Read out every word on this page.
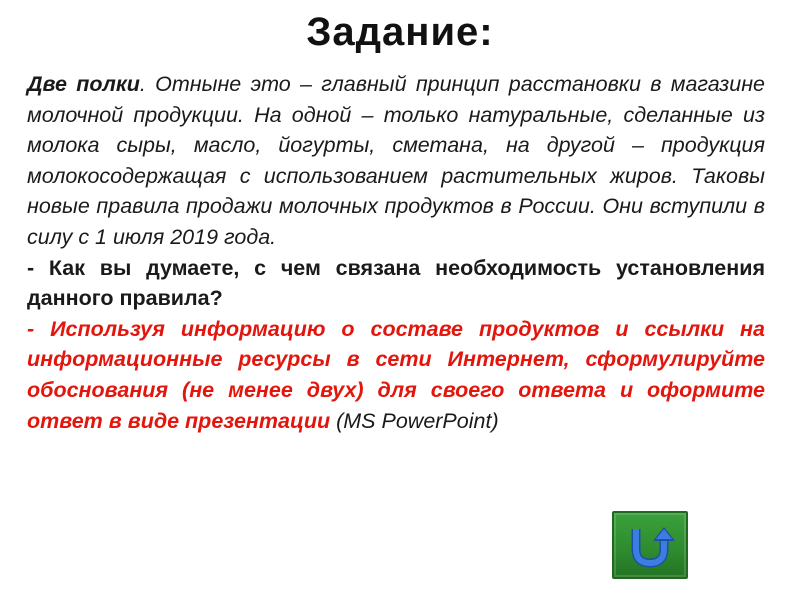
Задание:

Две полки. Отныне это – главный принцип расстановки в магазине молочной продукции. На одной – только натуральные, сделанные из молока сыры, масло, йогурты, сметана, на другой – продукция молокосодержащая с использованием растительных жиров. Таковы новые правила продажи молочных продуктов в России. Они вступили в силу с 1 июля 2019 года.

- Как вы думаете, с чем связана необходимость установления данного правила?

- Используя информацию о составе продуктов и ссылки на информационные ресурсы в сети Интернет, сформулируйте обоснования (не менее двух) для своего ответа и оформите ответ в виде презентации (MS PowerPoint)
